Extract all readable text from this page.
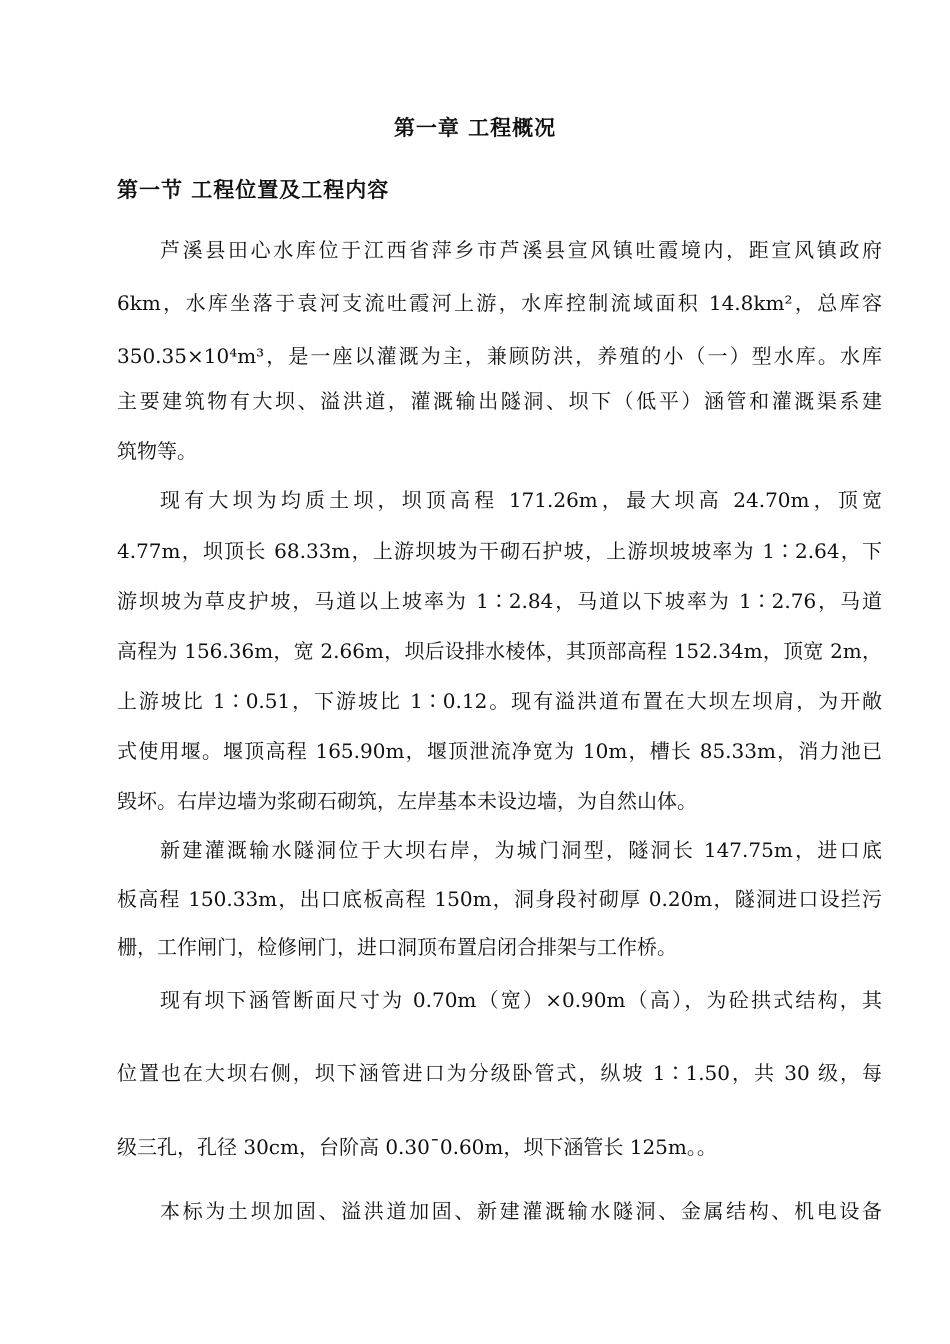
第一章 工程概况
第一节 工程位置及工程内容
芦溪县田心水库位于江西省萍乡市芦溪县宣风镇吐霞境内，距宣风镇政府
6km，水库坐落于袁河支流吐霞河上游，水库控制流域面积 14.8km²，总库容
350.35×10⁴m³，是一座以灌溉为主，兼顾防洪，养殖的小（一）型水库。水库
主要建筑物有大坝、溢洪道，灌溉输出隧洞、坝下（低平）涵管和灌溉渠系建
筑物等。
现有大坝为均质土坝，坝顶高程 171.26m，最大坝高 24.70m，顶宽
4.77m，坝顶长 68.33m，上游坝坡为干砌石护坡，上游坝坡坡率为 1∶2.64，下
游坝坡为草皮护坡，马道以上坡率为 1∶2.84，马道以下坡率为 1∶2.76，马道
高程为 156.36m，宽 2.66m，坝后设排水棱体，其顶部高程 152.34m，顶宽 2m，
上游坡比 1∶0.51，下游坡比 1∶0.12。现有溢洪道布置在大坝左坝肩，为开敞
式使用堰。堰顶高程 165.90m，堰顶泄流净宽为 10m，槽长 85.33m，消力池已
毁坏。右岸边墙为浆砌石砌筑，左岸基本未设边墙，为自然山体。
新建灌溉输水隧洞位于大坝右岸，为城门洞型，隧洞长 147.75m，进口底
板高程 150.33m，出口底板高程 150m，洞身段衬砌厚 0.20m，隧洞进口设拦污
栅，工作闸门，检修闸门，进口洞顶布置启闭合排架与工作桥。
现有坝下涵管断面尺寸为 0.70m（宽）×0.90m（高），为砼拱式结构，其
位置也在大坝右侧，坝下涵管进口为分级卧管式，纵坡 1∶1.50，共 30 级，每
级三孔，孔径 30cm，台阶高 0.30¯0.60m，坝下涵管长 125m。。
本标为土坝加固、溢洪道加固、新建灌溉输水隧洞、金属结构、机电设备
